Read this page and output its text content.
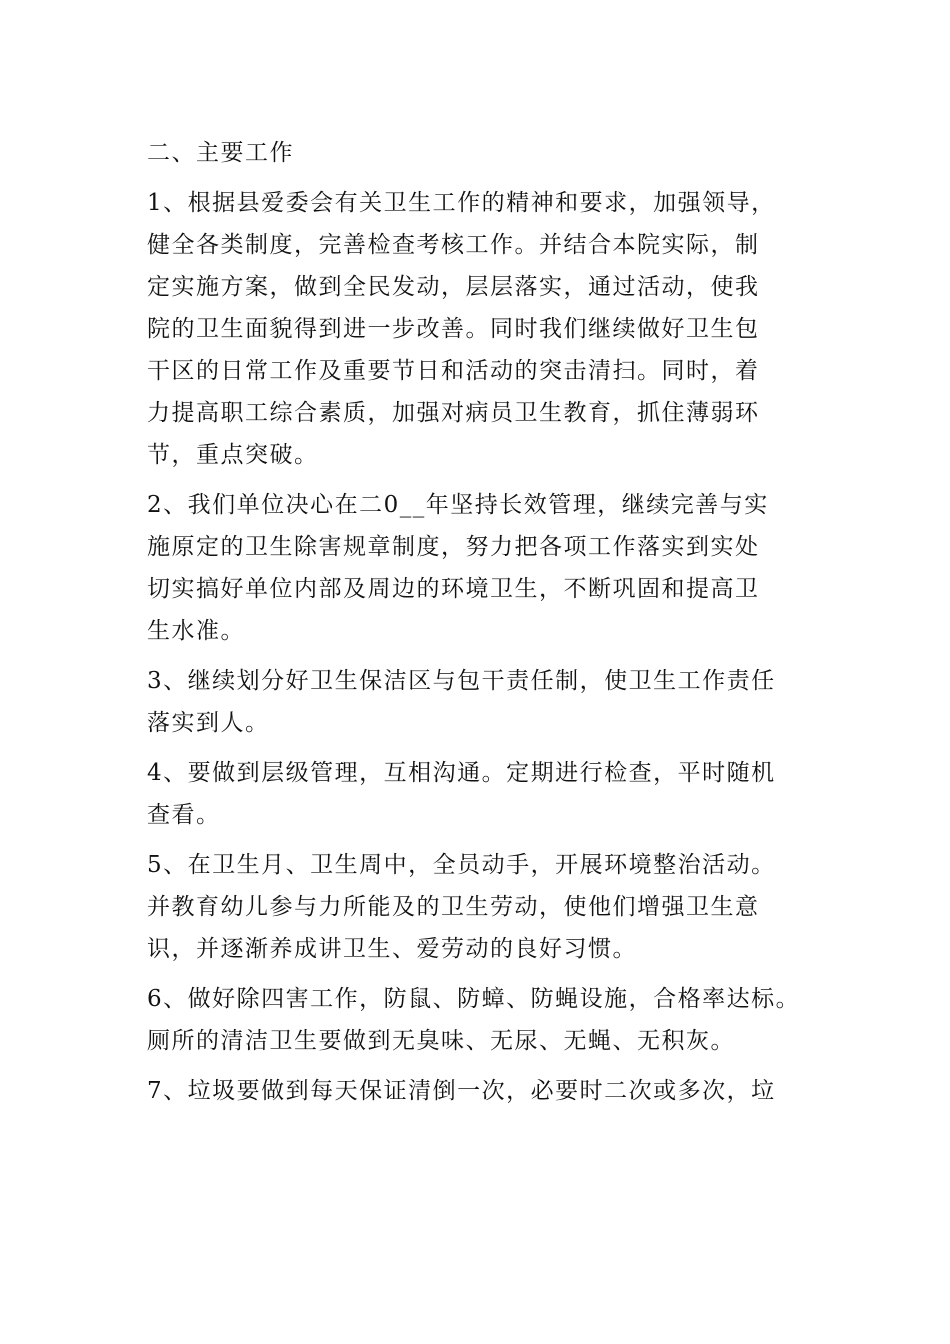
二、主要工作
1、根据县爱委会有关卫生工作的精神和要求，加强领导，
健全各类制度，完善检查考核工作。并结合本院实际，制
定实施方案，做到全民发动，层层落实，通过活动，使我
院的卫生面貌得到进一步改善。同时我们继续做好卫生包
干区的日常工作及重要节日和活动的突击清扫。同时，着
力提高职工综合素质，加强对病员卫生教育，抓住薄弱环
节，重点突破。
2、我们单位决心在二0__年坚持长效管理，继续完善与实
施原定的卫生除害规章制度，努力把各项工作落实到实处
切实搞好单位内部及周边的环境卫生，不断巩固和提高卫
生水准。
3、继续划分好卫生保洁区与包干责任制，使卫生工作责任
落实到人。
4、要做到层级管理，互相沟通。定期进行检查，平时随机
查看。
5、在卫生月、卫生周中，全员动手，开展环境整治活动。
并教育幼儿参与力所能及的卫生劳动，使他们增强卫生意
识，并逐渐养成讲卫生、爱劳动的良好习惯。
6、做好除四害工作，防鼠、防蟑、防蝇设施，合格率达标。
厕所的清洁卫生要做到无臭味、无尿、无蝇、无积灰。
7、垃圾要做到每天保证清倒一次，必要时二次或多次，垃
